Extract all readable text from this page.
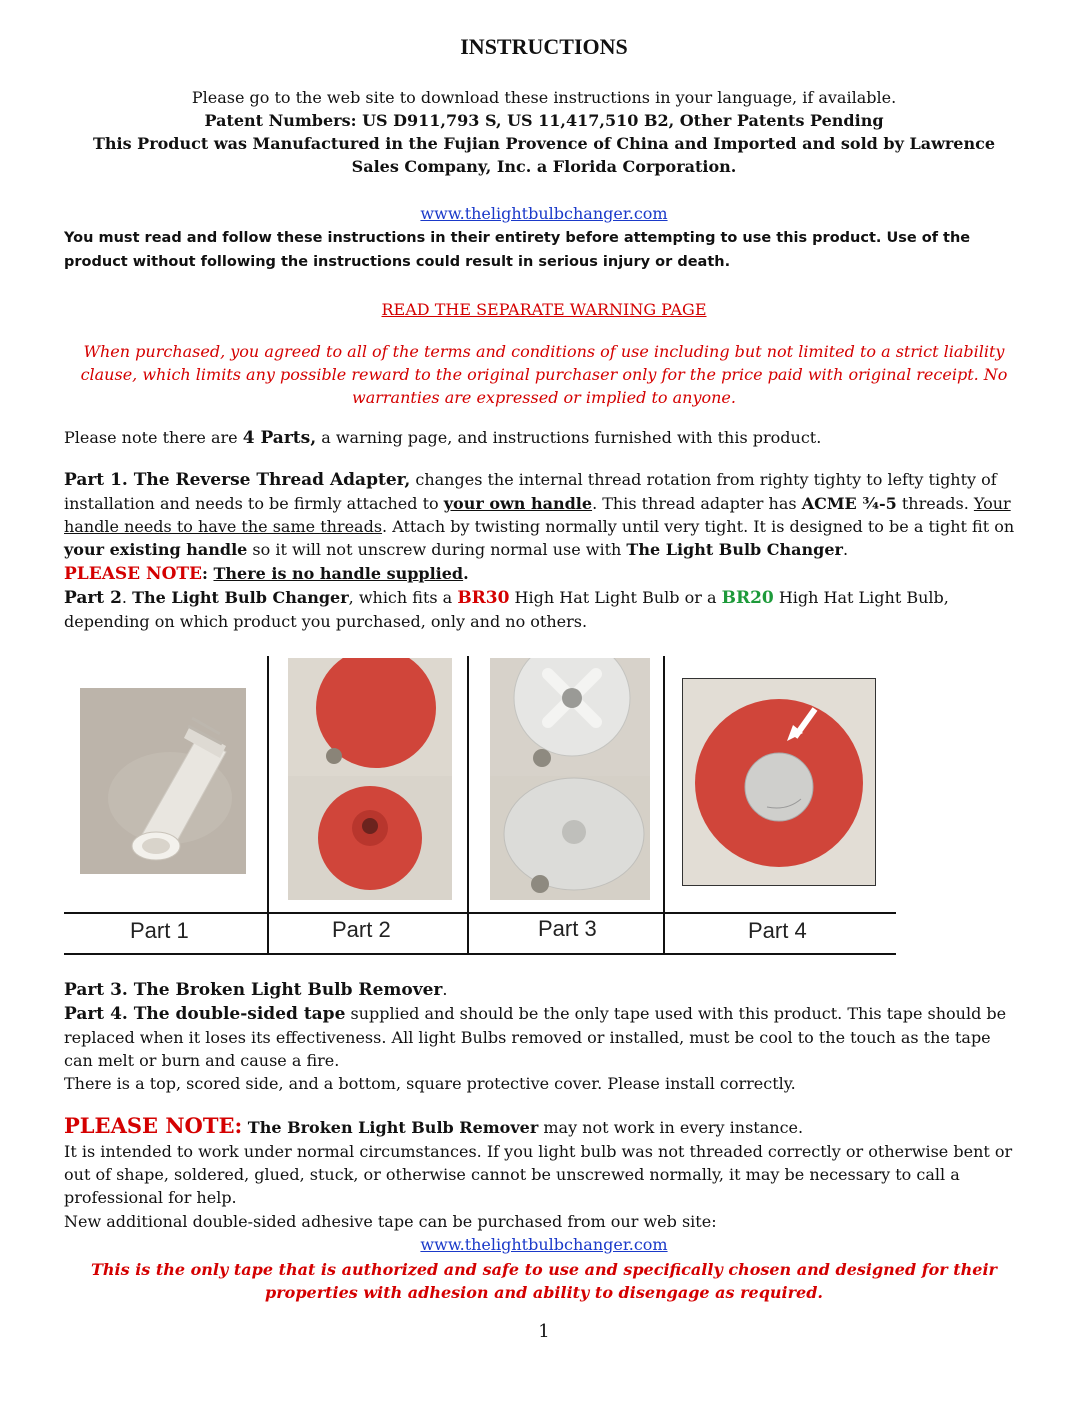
INSTRUCTIONS
Please go to the web site to download these instructions in your language, if available.
Patent Numbers: US D911,793 S, US 11,417,510 B2, Other Patents Pending
This Product was Manufactured in the Fujian Provence of China and Imported and sold by Lawrence Sales Company, Inc. a Florida Corporation.
www.thelightbulbchanger.com
You must read and follow these instructions in their entirety before attempting to use this product. Use of the product without following the instructions could result in serious injury or death.
READ THE SEPARATE WARNING PAGE
When purchased, you agreed to all of the terms and conditions of use including but not limited to a strict liability clause, which limits any possible reward to the original purchaser only for the price paid with original receipt. No warranties are expressed or implied to anyone.
Please note there are 4 Parts, a warning page, and instructions furnished with this product.
Part 1. The Reverse Thread Adapter, changes the internal thread rotation from righty tighty to lefty tighty of installation and needs to be firmly attached to your own handle. This thread adapter has ACME ¾-5 threads. Your handle needs to have the same threads. Attach by twisting normally until very tight. It is designed to be a tight fit on your existing handle so it will not unscrew during normal use with The Light Bulb Changer.
PLEASE NOTE: There is no handle supplied.
Part 2. The Light Bulb Changer, which fits a BR30 High Hat Light Bulb or a BR20 High Hat Light Bulb, depending on which product you purchased, only and no others.
Part 1	Part 2	Part 3	Part 4
Part 3. The Broken Light Bulb Remover.
Part 4. The double-sided tape supplied and should be the only tape used with this product. This tape should be replaced when it loses its effectiveness. All light Bulbs removed or installed, must be cool to the touch as the tape can melt or burn and cause a fire.
There is a top, scored side, and a bottom, square protective cover. Please install correctly.
PLEASE NOTE: The Broken Light Bulb Remover may not work in every instance.
It is intended to work under normal circumstances. If you light bulb was not threaded correctly or otherwise bent or out of shape, soldered, glued, stuck, or otherwise cannot be unscrewed normally, it may be necessary to call a professional for help.
New additional double-sided adhesive tape can be purchased from our web site:
www.thelightbulbchanger.com
This is the only tape that is authorized and safe to use and specifically chosen and designed for their properties with adhesion and ability to disengage as required.
1
